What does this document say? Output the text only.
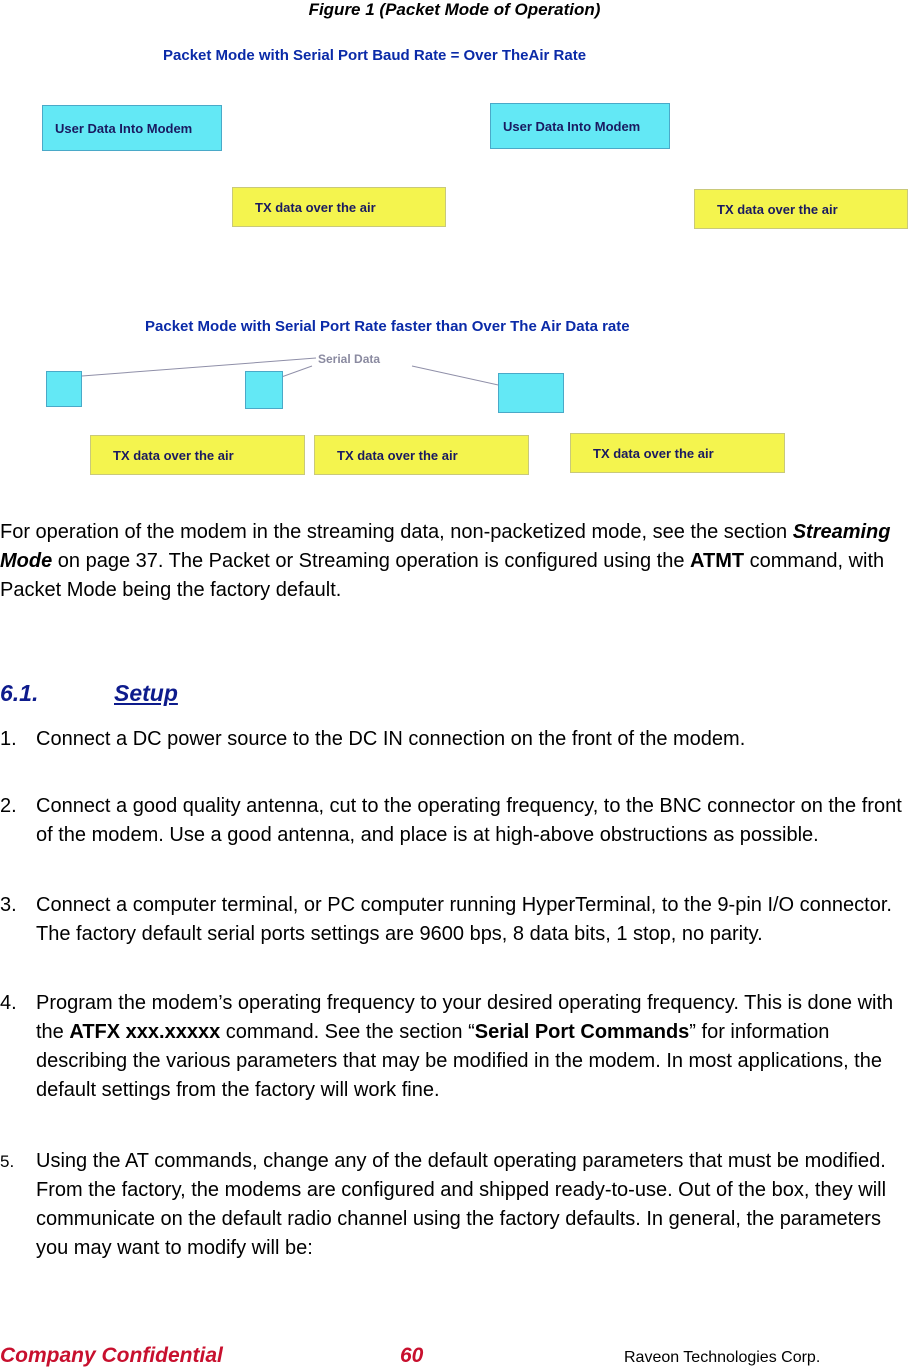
Figure 1 (Packet Mode of Operation)
Packet Mode with Serial Port Baud Rate = Over TheAir Rate
User Data Into Modem	User Data Into Modem
TX data over the air	TX data over the air
Packet Mode with Serial Port Rate faster than Over The Air Data rate
Serial Data
TX data over the air	TX data over the air	TX data over the air
For operation of the modem in the streaming data, non-packetized mode, see the section Streaming Mode on page 37. The Packet or Streaming operation is configured using the ATMT command, with Packet Mode being the factory default.
6.1.	Setup
1. Connect a DC power source to the DC IN connection on the front of the modem.
2. Connect a good quality antenna, cut to the operating frequency, to the BNC connector on the front of the modem. Use a good antenna, and place is at high-above obstructions as possible.
3. Connect a computer terminal, or PC computer running HyperTerminal, to the 9-pin I/O connector. The factory default serial ports settings are 9600 bps, 8 data bits, 1 stop, no parity.
4. Program the modem’s operating frequency to your desired operating frequency. This is done with the ATFX xxx.xxxxx command. See the section “Serial Port Commands” for information describing the various parameters that may be modified in the modem. In most applications, the default settings from the factory will work fine.
5.	Using the AT commands, change any of the default operating parameters that must be modified. From the factory, the modems are configured and shipped ready-to-use. Out of the box, they will communicate on the default radio channel using the factory defaults. In general, the parameters you may want to modify will be:
Company Confidential	60	Raveon Technologies Corp.
